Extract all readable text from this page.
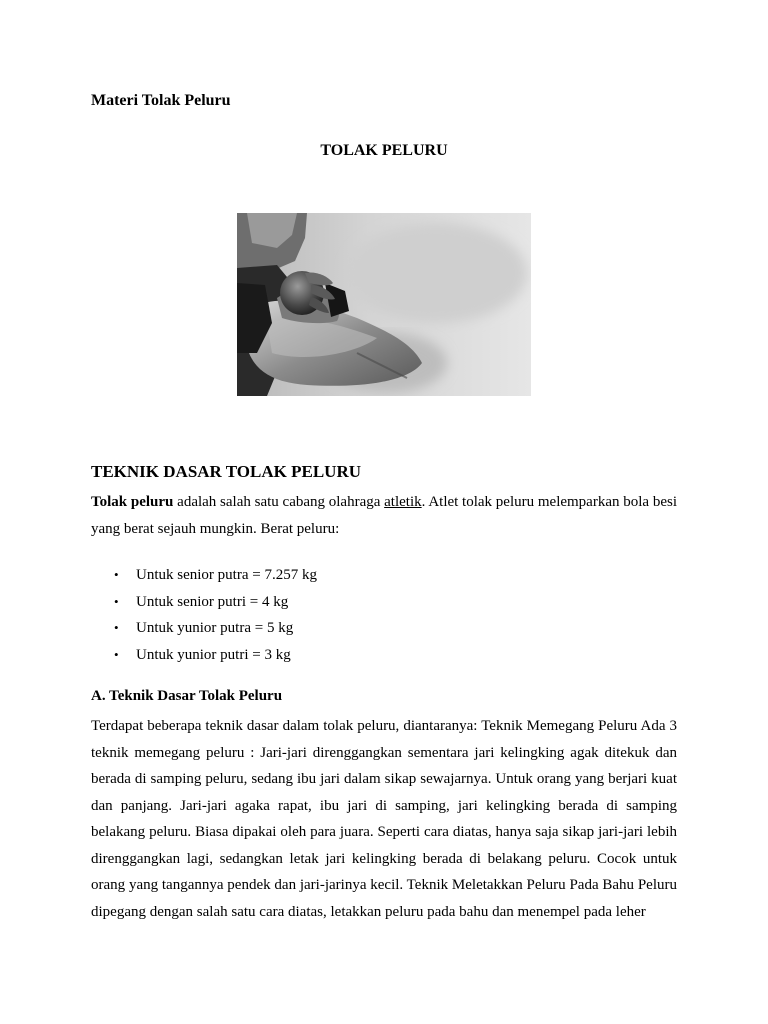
Materi Tolak Peluru
TOLAK PELURU
TEKNIK DASAR TOLAK PELURU

Tolak peluru adalah salah satu cabang olahraga atletik. Atlet tolak peluru melemparkan bola besi yang berat sejauh mungkin. Berat peluru:

• Untuk senior putra = 7.257 kg
• Untuk senior putri = 4 kg
• Untuk yunior putra = 5 kg
• Untuk yunior putri = 3 kg
A. Teknik Dasar Tolak Peluru

Terdapat beberapa teknik dasar dalam tolak peluru, diantaranya: Teknik Memegang Peluru Ada 3 teknik memegang peluru : Jari-jari direnggangkan sementara jari kelingking agak ditekuk dan berada di samping peluru, sedang ibu jari dalam sikap sewajarnya. Untuk orang yang berjari kuat dan panjang. Jari-jari agaka rapat, ibu jari di samping, jari kelingking berada di samping belakang peluru. Biasa dipakai oleh para juara. Seperti cara diatas, hanya saja sikap jari-jari lebih direnggangkan lagi, sedangkan letak jari kelingking berada di belakang peluru. Cocok untuk orang yang tangannya pendek dan jari-jarinya kecil. Teknik Meletakkan Peluru Pada Bahu Peluru dipegang dengan salah satu cara diatas, letakkan peluru pada bahu dan menempel pada leher
